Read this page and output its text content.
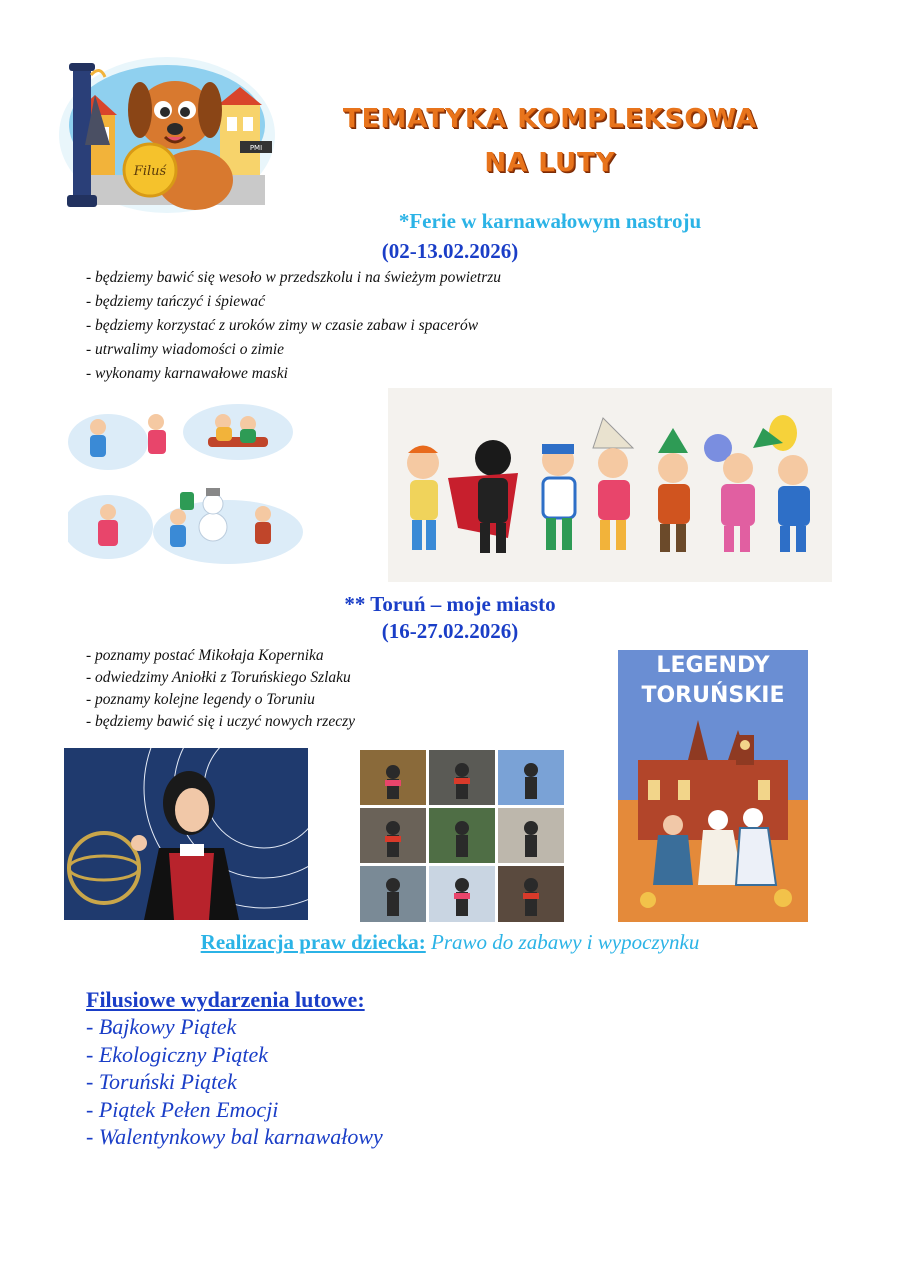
Filuś
PMI
TEMATYKA KOMPLEKSOWA
NA LUTY
*Ferie w karnawałowym nastroju
(02-13.02.2026)
- będziemy bawić się wesoło w przedszkolu i na świeżym powietrzu
- będziemy tańczyć i śpiewać
- będziemy korzystać z uroków zimy w czasie zabaw i spacerów
- utrwalimy wiadomości o zimie
- wykonamy karnawałowe maski
** Toruń – moje miasto
(16-27.02.2026)
- poznamy postać Mikołaja Kopernika
- odwiedzimy Aniołki z Toruńskiego Szlaku
- poznamy kolejne legendy o Toruniu
- będziemy bawić się i uczyć nowych rzeczy
LEGENDY
TORUŃSKIE
Realizacja praw dziecka: Prawo do zabawy i wypoczynku
Filusiowe wydarzenia lutowe:
- Bajkowy Piątek
- Ekologiczny Piątek
- Toruński Piątek
- Piątek Pełen Emocji
- Walentynkowy bal karnawałowy
